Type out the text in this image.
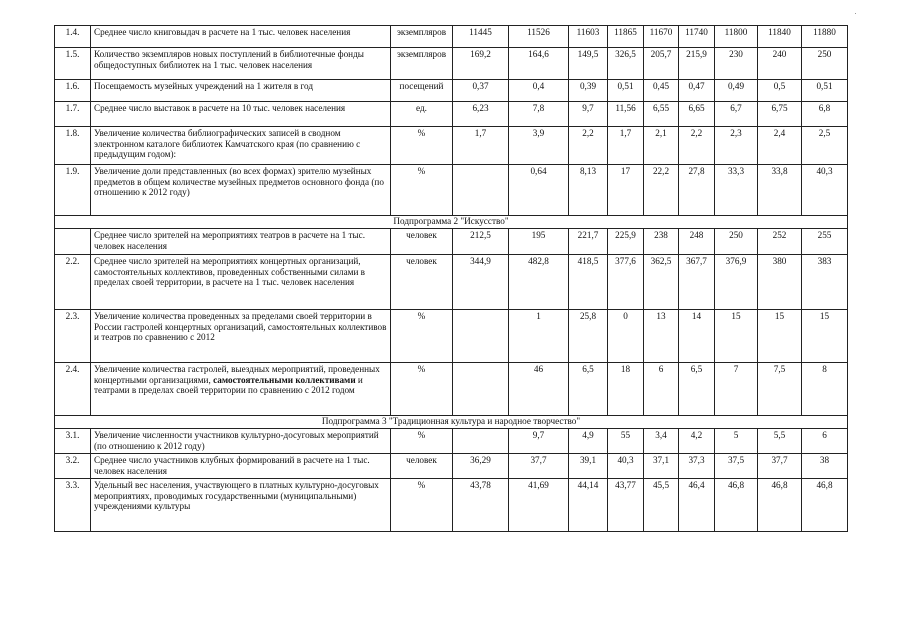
1.4.	Среднее число книговыдач в расчете на 1 тыс. человек населения	экземпляров	11445	11526	11603	11865	11670	11740	11800	11840	11880
1.5.	Количество экземпляров новых поступлений в библиотечные фонды общедоступных библиотек на 1 тыс. человек населения	экземпляров	169,2	164,6	149,5	326,5	205,7	215,9	230	240	250
1.6.	Посещаемость музейных учреждений на 1 жителя в год	посещений	0,37	0,4	0,39	0,51	0,45	0,47	0,49	0,5	0,51
1.7.	Среднее число выставок в расчете на 10 тыс. человек населения	ед.	6,23	7,8	9,7	11,56	6,55	6,65	6,7	6,75	6,8
1.8.	Увеличение количества библиографических записей в сводном электронном каталоге библиотек Камчатского края (по сравнению с предыдущим годом):	%	1,7	3,9	2,2	1,7	2,1	2,2	2,3	2,4	2,5
1.9.	Увеличение доли представленных (во всех формах) зрителю музейных предметов в общем количестве музейных предметов основного фонда (по отношению к 2012 году)	%		0,64	8,13	17	22,2	27,8	33,3	33,8	40,3
Подпрограмма 2 "Искусство"											
	Среднее число зрителей на мероприятиях театров в расчете на 1 тыс. человек населения	человек	212,5	195	221,7	225,9	238	248	250	252	255
2.2.	Среднее число зрителей на мероприятиях концертных организаций, самостоятельных коллективов, проведенных собственными силами в пределах своей территории, в расчете на 1 тыс. человек населения	человек	344,9	482,8	418,5	377,6	362,5	367,7	376,9	380	383
2.3.	Увеличение количества проведенных за пределами своей территории в России гастролей концертных организаций, самостоятельных коллективов и театров по сравнению с 2012	%		1	25,8	0	13	14	15	15	15
2.4.	Увеличение количества гастролей, выездных мероприятий, проведенных концертными организациями, самостоятельными коллективами и театрами в пределах своей территории по сравнению с 2012 годом	%		46	6,5	18	6	6,5	7	7,5	8
Подпрограмма 3 "Традиционная культура и народное творчество"											
3.1.	Увеличение численности участников культурно-досуговых мероприятий (по отношению к 2012 году)	%		9,7	4,9	55	3,4	4,2	5	5,5	6
3.2.	Среднее число участников клубных формирований в расчете на 1 тыс. человек населения	человек	36,29	37,7	39,1	40,3	37,1	37,3	37,5	37,7	38
3.3.	Удельный вес населения, участвующего в платных культурно-досуговых мероприятиях, проводимых государственными (муниципальными) учреждениями культуры	%	43,78	41,69	44,14	43,77	45,5	46,4	46,8	46,8	46,8
